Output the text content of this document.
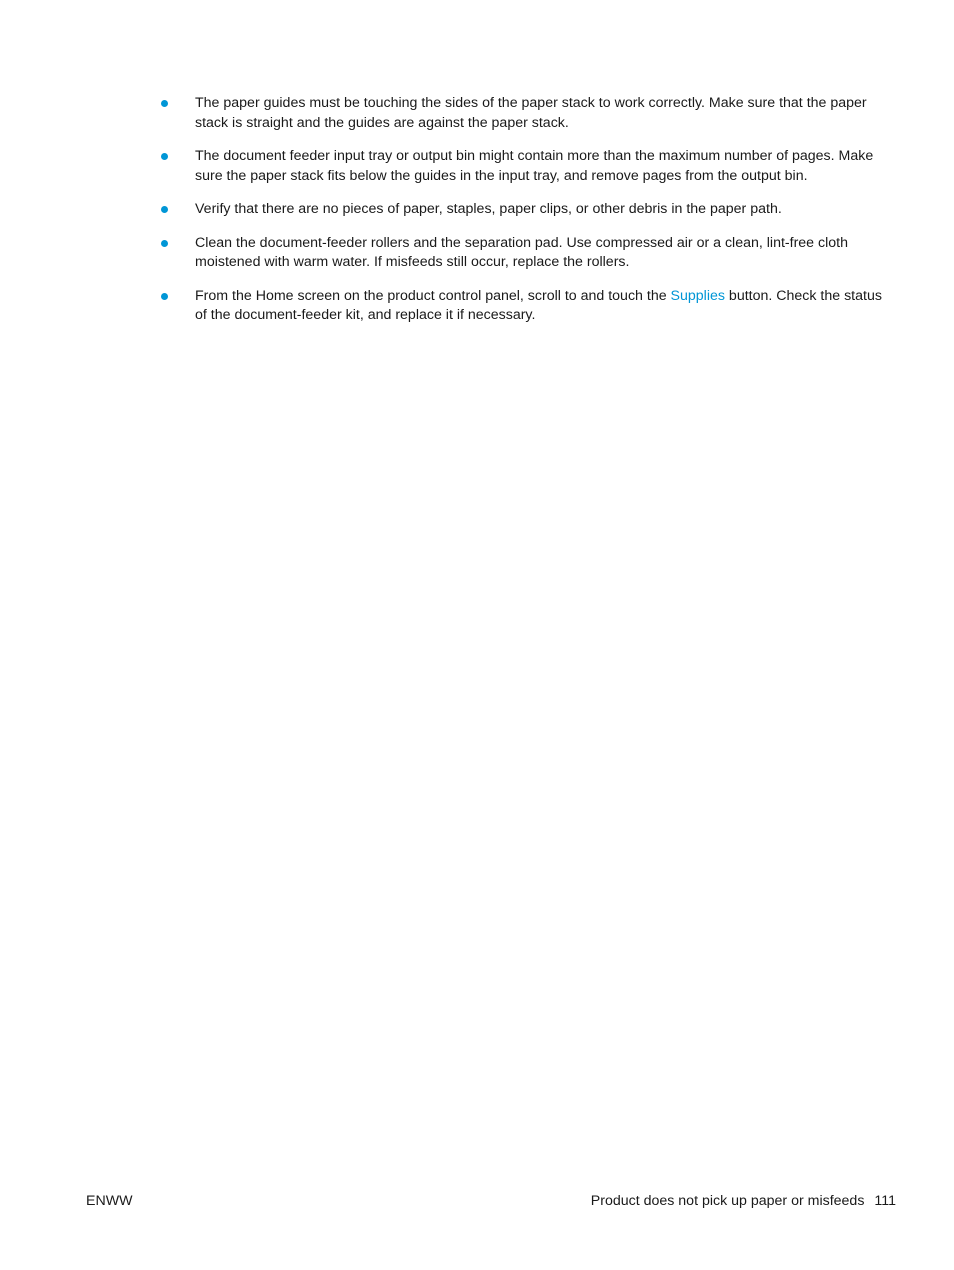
The paper guides must be touching the sides of the paper stack to work correctly. Make sure that the paper stack is straight and the guides are against the paper stack.
The document feeder input tray or output bin might contain more than the maximum number of pages. Make sure the paper stack fits below the guides in the input tray, and remove pages from the output bin.
Verify that there are no pieces of paper, staples, paper clips, or other debris in the paper path.
Clean the document-feeder rollers and the separation pad. Use compressed air or a clean, lint-free cloth moistened with warm water. If misfeeds still occur, replace the rollers.
From the Home screen on the product control panel, scroll to and touch the Supplies button. Check the status of the document-feeder kit, and replace it if necessary.
ENWW	Product does not pick up paper or misfeeds 111
